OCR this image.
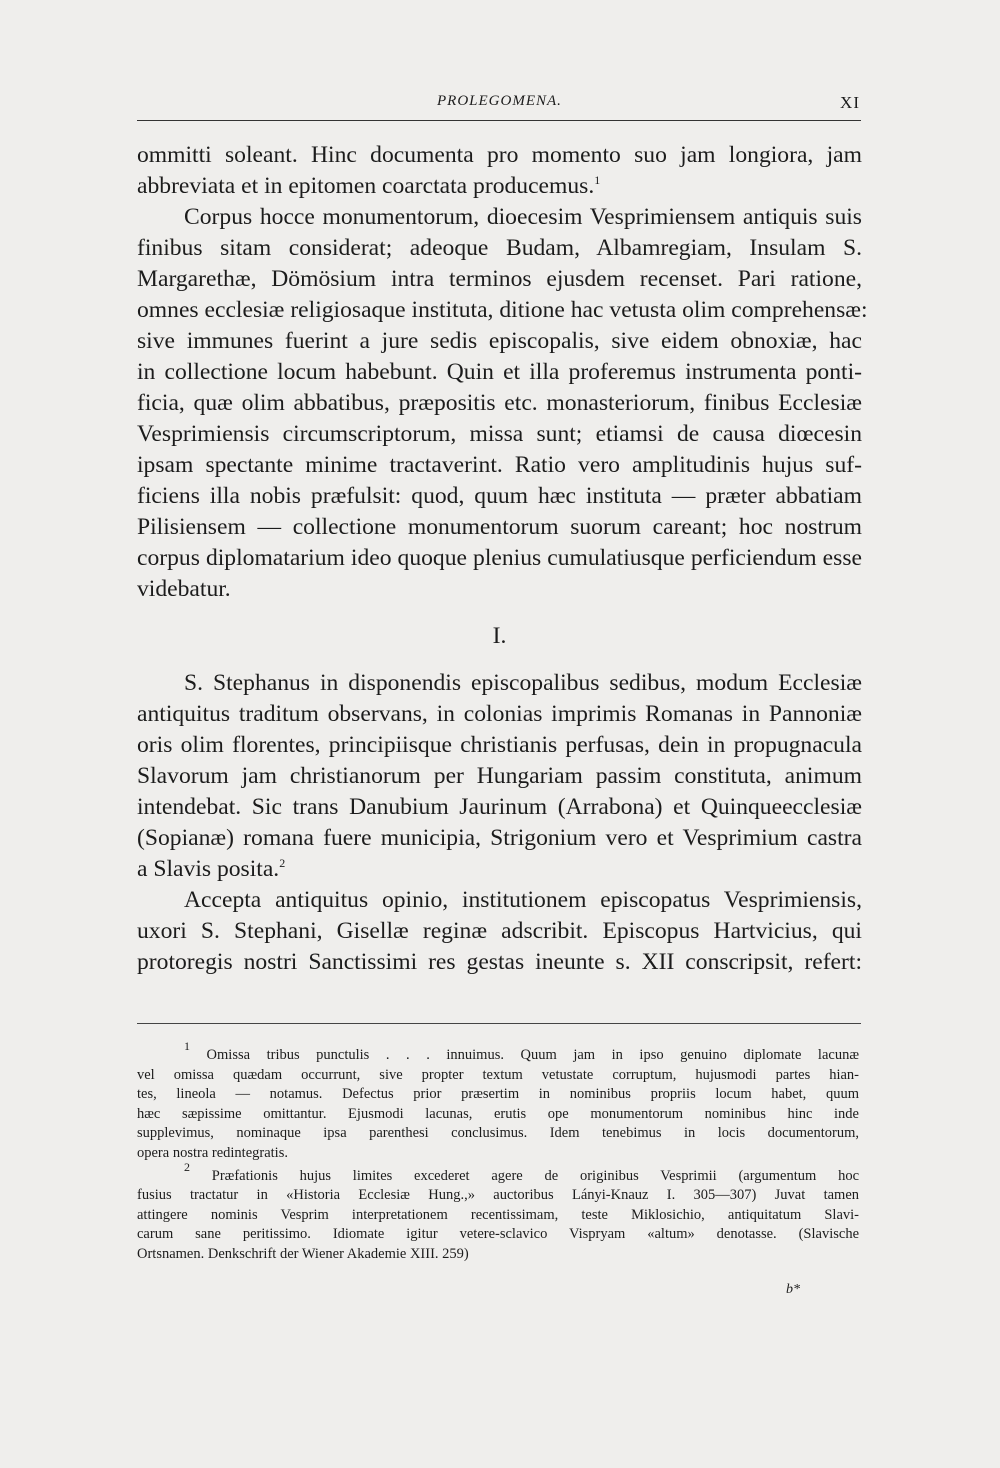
PROLEGOMENA.	XI
ommitti soleant. Hinc documenta pro momento suo jam longiora, jam
abbreviata et in epitomen coarctata producemus.$^1$
Corpus hocce monumentorum, dioecesim Vesprimiensem antiquis suis
finibus sitam considerat; adeoque Budam, Albamregiam, Insulam S.
Margarethæ, Dömösium intra terminos ejusdem recenset. Pari ratione,
omnes ecclesiæ religiosaque instituta, ditione hac vetusta olim comprehensæ:
sive immunes fuerint a jure sedis episcopalis, sive eidem obnoxiæ, hac
in collectione locum habebunt. Quin et illa proferemus instrumenta ponti-
ficia, quæ olim abbatibus, præpositis etc. monasteriorum, finibus Ecclesiæ
Vesprimiensis circumscriptorum, missa sunt; etiamsi de causa diœcesin
ipsam spectante minime tractaverint. Ratio vero amplitudinis hujus suf-
ficiens illa nobis præfulsit: quod, quum hæc instituta — præter abbatiam
Pilisiensem — collectione monumentorum suorum careant; hoc nostrum
corpus diplomatarium ideo quoque plenius cumulatiusque perficiendum esse
videbatur.
I.
S. Stephanus in disponendis episcopalibus sedibus, modum Ecclesiæ
antiquitus traditum observans, in colonias imprimis Romanas in Pannoniæ
oris olim florentes, principiisque christianis perfusas, dein in propugnacula
Slavorum jam christianorum per Hungariam passim constituta, animum
intendebat. Sic trans Danubium Jaurinum (Arrabona) et Quinqueecclesiæ
(Sopianæ) romana fuere municipia, Strigonium vero et Vesprimium castra
a Slavis posita.$^2$
Accepta antiquitus opinio, institutionem episcopatus Vesprimiensis,
uxori S. Stephani, Gisellæ reginæ adscribit. Episcopus Hartvicius, qui
protoregis nostri Sanctissimi res gestas ineunte s. XII conscripsit, refert:
$^1$ Omissa tribus punctulis . . . innuimus. Quum jam in ipso genuino diplomate lacunæ
vel omissa quædam occurrunt, sive propter textum vetustate corruptum, hujusmodi partes hian-
tes, lineola — notamus. Defectus prior præsertim in nominibus propriis locum habet, quum
hæc sæpissime omittantur. Ejusmodi lacunas, erutis ope monumentorum nominibus hinc inde
supplevimus, nominaque ipsa parenthesi conclusimus. Idem tenebimus in locis documentorum,
opera nostra redintegratis.
$^2$ Præfationis hujus limites excederet agere de originibus Vesprimii (argumentum hoc
fusius tractatur in «Historia Ecclesiæ Hung.,» auctoribus Lányi-Knauz I. 305—307) Juvat tamen
attingere nominis Vesprim interpretationem recentissimam, teste Miklosichio, antiquitatum Slavi-
carum sane peritissimo. Idiomate igitur vetere-sclavico Vispryam «altum» denotasse. (Slavische
Ortsnamen. Denkschrift der Wiener Akademie XIII. 259)
b*
